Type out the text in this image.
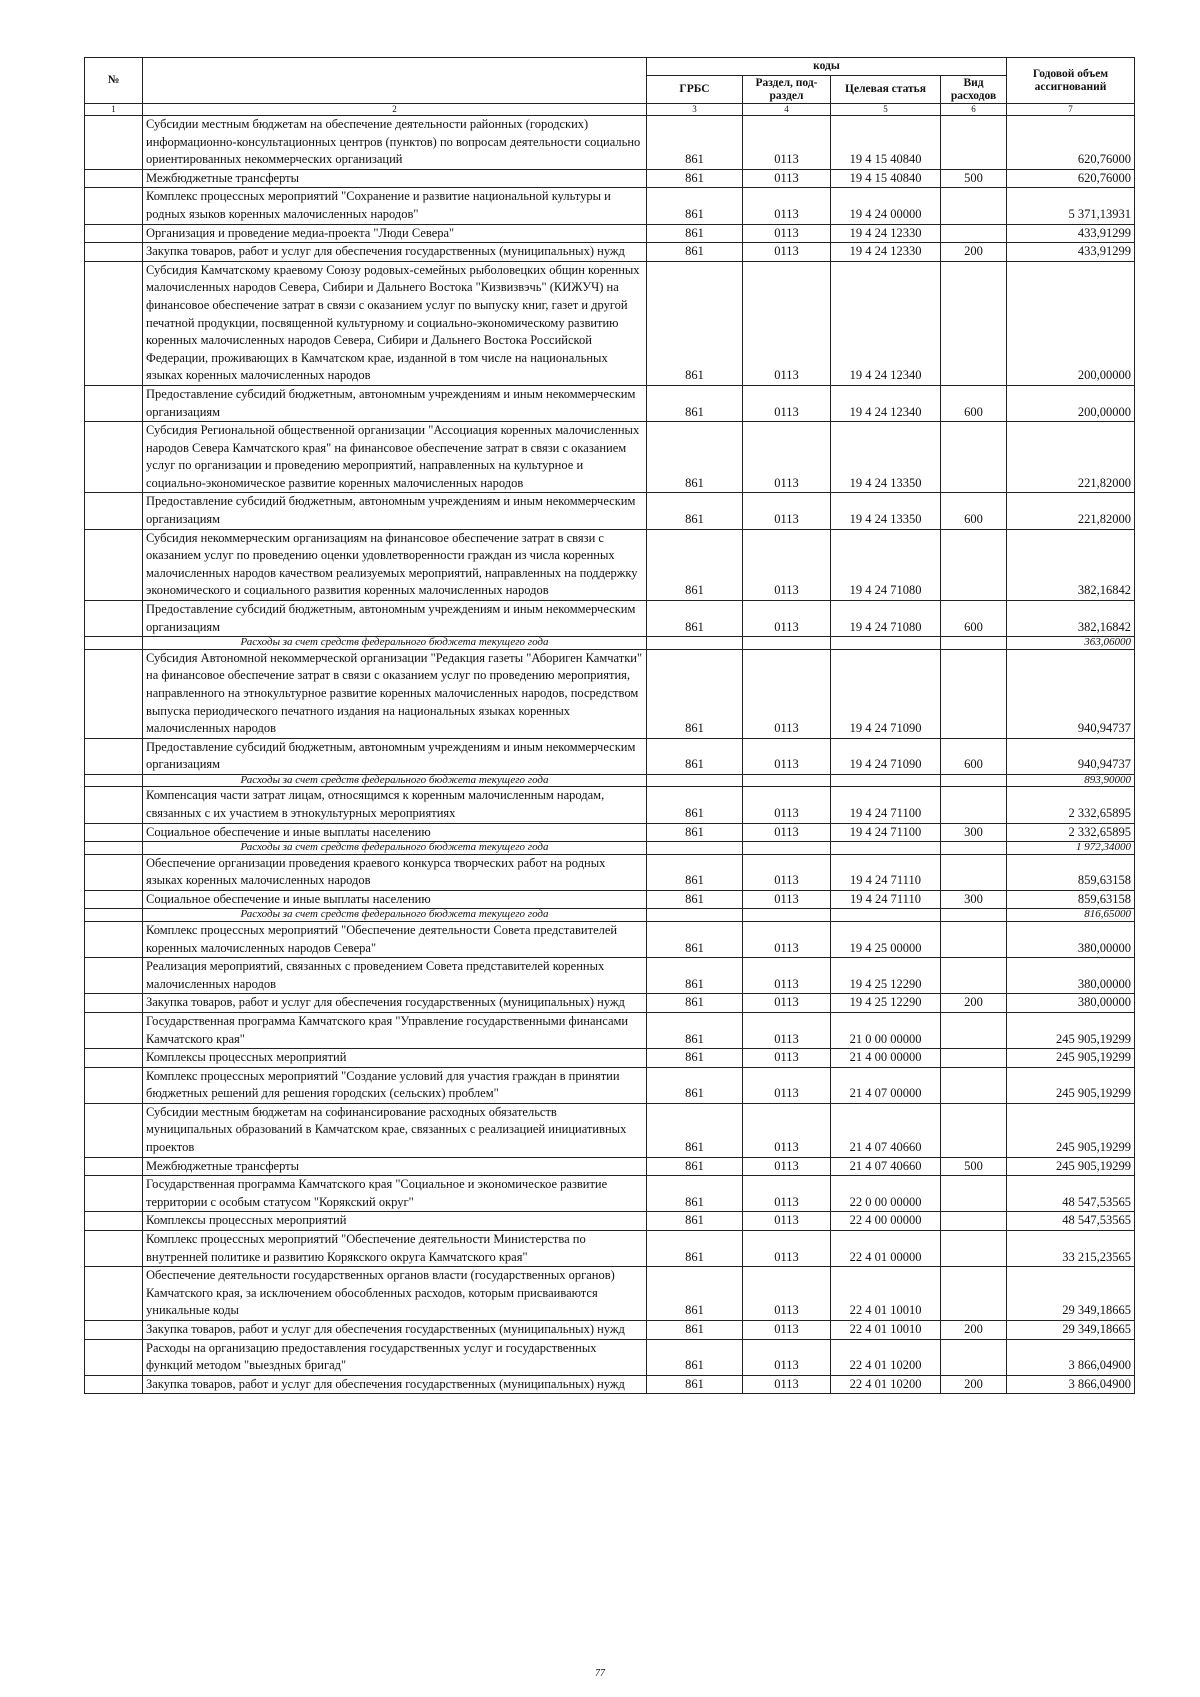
№		коды				Годовой объем ассигнований
		ГРБС	Раздел, под-раздел	Целевая статья	Вид расходов	
1	2	3	4	5	6	7
	Субсидии местным бюджетам на обеспечение деятельности районных (городских) информационно-консультационных центров (пунктов) по вопросам деятельности социально ориентированных некоммерческих организаций	861	0113	19 4 15 40840		620,76000
	Межбюджетные трансферты	861	0113	19 4 15 40840	500	620,76000
	Комплекс процессных мероприятий "Сохранение и развитие национальной культуры и родных языков коренных малочисленных народов"	861	0113	19 4 24 00000		5 371,13931
	Организация и проведение медиа-проекта "Люди Севера"	861	0113	19 4 24 12330		433,91299
	Закупка товаров, работ и услуг для обеспечения государственных (муниципальных) нужд	861	0113	19 4 24 12330	200	433,91299
	Субсидия Камчатскому краевому Союзу родовых-семейных рыболовецких общин коренных малочисленных народов Севера, Сибири и Дальнего Востока "Кизвизвэчь" (КИЖУЧ) на финансовое обеспечение затрат в связи с оказанием услуг по выпуску книг, газет и другой печатной продукции, посвященной культурному и социально-экономическому развитию коренных малочисленных народов Севера, Сибири и Дальнего Востока Российской Федерации, проживающих в Камчатском крае, изданной в том числе на национальных языках коренных малочисленных народов	861	0113	19 4 24 12340		200,00000
	Предоставление субсидий бюджетным, автономным учреждениям и иным некоммерческим организациям	861	0113	19 4 24 12340	600	200,00000
	Субсидия Региональной общественной организации "Ассоциация коренных малочисленных народов Севера Камчатского края" на финансовое обеспечение затрат в связи с оказанием услуг по организации и проведению мероприятий, направленных на культурное и социально-экономическое развитие коренных малочисленных народов	861	0113	19 4 24 13350		221,82000
	Предоставление субсидий бюджетным, автономным учреждениям и иным некоммерческим организациям	861	0113	19 4 24 13350	600	221,82000
	Субсидия некоммерческим организациям на финансовое обеспечение затрат в связи с оказанием услуг по проведению оценки удовлетворенности граждан из числа коренных малочисленных народов качеством реализуемых мероприятий, направленных на поддержку экономического и социального развития коренных малочисленных народов	861	0113	19 4 24 71080		382,16842
	Предоставление субсидий бюджетным, автономным учреждениям и иным некоммерческим организациям	861	0113	19 4 24 71080	600	382,16842
	Расходы за счет средств федерального бюджета текущего года					363,06000
	Субсидия Автономной некоммерческой организации "Редакция газеты "Абориген Камчатки" на финансовое обеспечение затрат в связи с оказанием услуг по проведению мероприятия, направленного на этнокультурное развитие коренных малочисленных народов, посредством выпуска периодического печатного издания на национальных языках коренных малочисленных народов	861	0113	19 4 24 71090		940,94737
	Предоставление субсидий бюджетным, автономным учреждениям и иным некоммерческим организациям	861	0113	19 4 24 71090	600	940,94737
	Расходы за счет средств федерального бюджета текущего года					893,90000
	Компенсация части затрат лицам, относящимся к коренным малочисленным народам, связанных с их участием в этнокультурных мероприятиях	861	0113	19 4 24 71100		2 332,65895
	Социальное обеспечение и иные выплаты населению	861	0113	19 4 24 71100	300	2 332,65895
	Расходы за счет средств федерального бюджета текущего года					1 972,34000
	Обеспечение организации проведения краевого конкурса творческих работ на родных языках коренных малочисленных народов	861	0113	19 4 24 71110		859,63158
	Социальное обеспечение и иные выплаты населению	861	0113	19 4 24 71110	300	859,63158
	Расходы за счет средств федерального бюджета текущего года					816,65000
	Комплекс процессных мероприятий "Обеспечение деятельности Совета представителей коренных малочисленных народов Севера"	861	0113	19 4 25 00000		380,00000
	Реализация мероприятий, связанных с проведением Совета представителей коренных малочисленных народов	861	0113	19 4 25 12290		380,00000
	Закупка товаров, работ и услуг для обеспечения государственных (муниципальных) нужд	861	0113	19 4 25 12290	200	380,00000
	Государственная программа Камчатского края "Управление государственными финансами Камчатского края"	861	0113	21 0 00 00000		245 905,19299
	Комплексы процессных мероприятий	861	0113	21 4 00 00000		245 905,19299
	Комплекс процессных мероприятий "Создание условий для участия граждан в принятии бюджетных решений для решения городских (сельских) проблем"	861	0113	21 4 07 00000		245 905,19299
	Субсидии местным бюджетам на софинансирование расходных обязательств муниципальных образований в Камчатском крае, связанных с реализацией инициативных проектов	861	0113	21 4 07 40660		245 905,19299
	Межбюджетные трансферты	861	0113	21 4 07 40660	500	245 905,19299
	Государственная программа Камчатского края "Социальное и экономическое развитие территории с особым статусом "Корякский округ"	861	0113	22 0 00 00000		48 547,53565
	Комплексы процессных мероприятий	861	0113	22 4 00 00000		48 547,53565
	Комплекс процессных мероприятий "Обеспечение деятельности Министерства по внутренней политике и развитию Корякского округа Камчатского края"	861	0113	22 4 01 00000		33 215,23565
	Обеспечение деятельности государственных органов власти (государственных органов) Камчатского края, за исключением обособленных расходов, которым присваиваются уникальные коды	861	0113	22 4 01 10010		29 349,18665
	Закупка товаров, работ и услуг для обеспечения государственных (муниципальных) нужд	861	0113	22 4 01 10010	200	29 349,18665
	Расходы на организацию предоставления государственных услуг и государственных функций методом "выездных бригад"	861	0113	22 4 01 10200		3 866,04900
	Закупка товаров, работ и услуг для обеспечения государственных (муниципальных) нужд	861	0113	22 4 01 10200	200	3 866,04900
77
